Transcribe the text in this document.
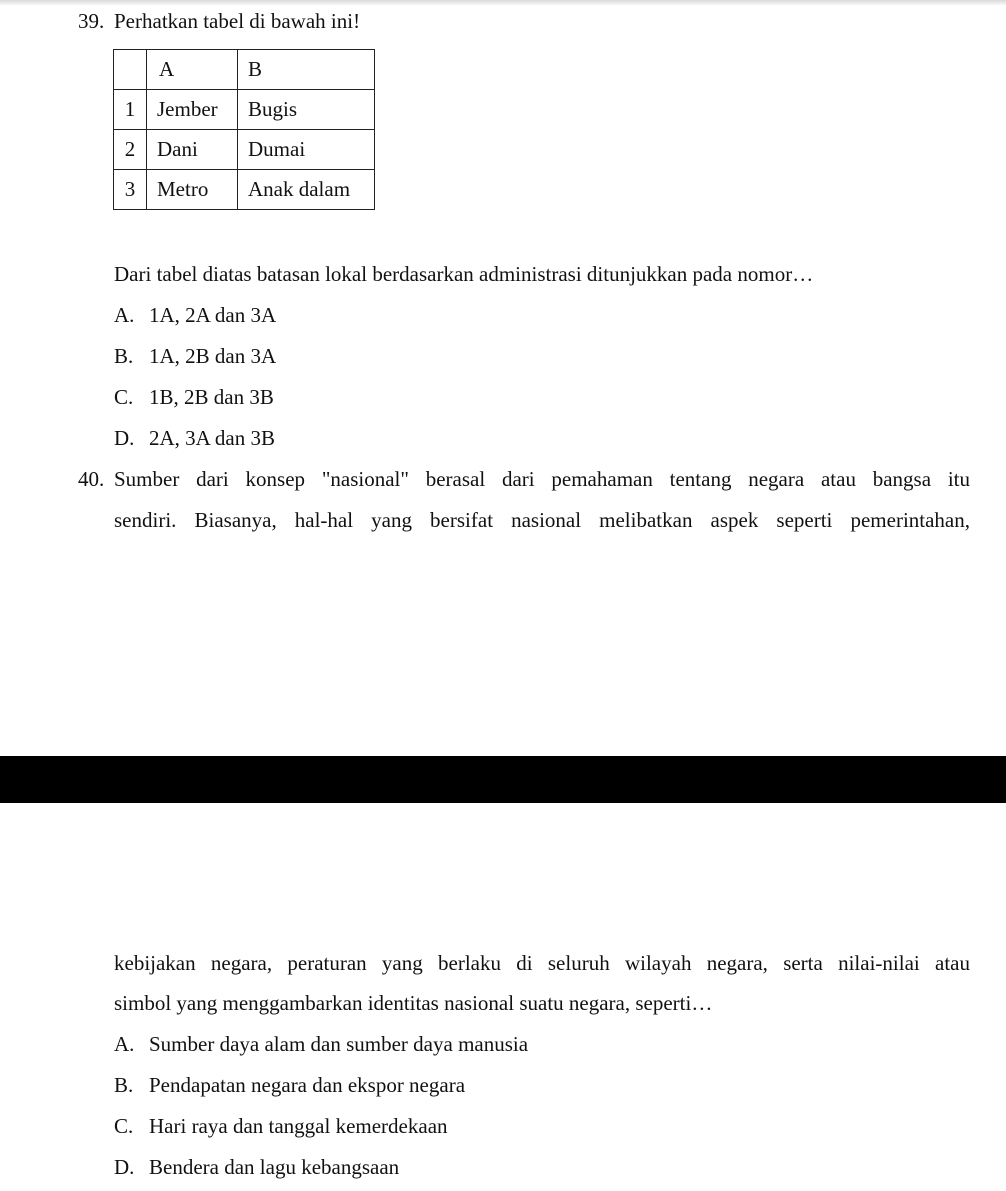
39. Perhatkan tabel di bawah ini!
	A	B
1	Jember	Bugis
2	Dani	Dumai
3	Metro	Anak dalam
Dari tabel diatas batasan lokal berdasarkan administrasi ditunjukkan pada nomor…
A. 1A, 2A dan 3A
B. 1A, 2B dan 3A
C. 1B, 2B dan 3B
D. 2A, 3A dan 3B
40. Sumber dari konsep "nasional" berasal dari pemahaman tentang negara atau bangsa itu
sendiri. Biasanya, hal-hal yang bersifat nasional melibatkan aspek seperti pemerintahan,
kebijakan negara, peraturan yang berlaku di seluruh wilayah negara, serta nilai-nilai atau
simbol yang menggambarkan identitas nasional suatu negara, seperti…
A. Sumber daya alam dan sumber daya manusia
B. Pendapatan negara dan ekspor negara
C. Hari raya dan tanggal kemerdekaan
D. Bendera dan lagu kebangsaan
